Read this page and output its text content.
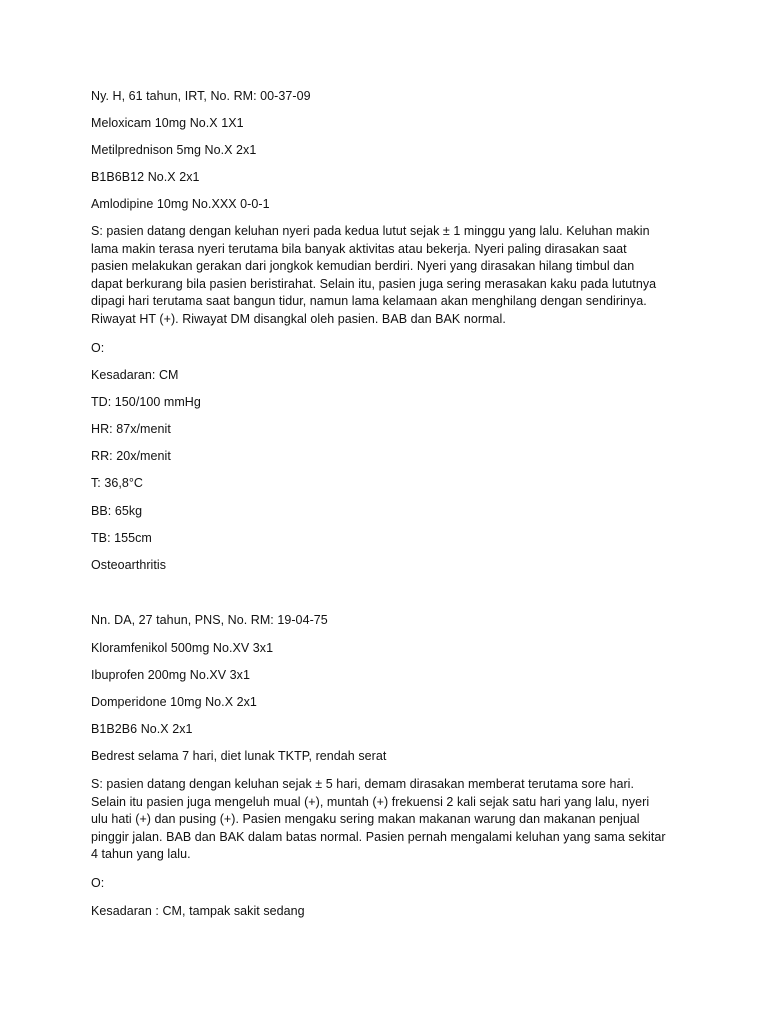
Ny. H, 61 tahun, IRT, No. RM: 00-37-09

Meloxicam 10mg No.X 1X1

Metilprednison 5mg No.X 2x1

B1B6B12 No.X 2x1

Amlodipine 10mg No.XXX 0-0-1

S: pasien datang dengan keluhan nyeri pada kedua lutut sejak ± 1 minggu yang lalu. Keluhan makin
lama makin terasa nyeri terutama bila banyak aktivitas atau bekerja. Nyeri paling dirasakan saat
pasien melakukan gerakan dari jongkok kemudian berdiri. Nyeri yang dirasakan hilang timbul dan
dapat berkurang bila pasien beristirahat. Selain itu, pasien juga sering merasakan kaku pada lututnya
dipagi hari terutama saat bangun tidur, namun lama kelamaan akan menghilang dengan sendirinya.
Riwayat HT (+). Riwayat DM disangkal oleh pasien. BAB dan BAK normal.

O:

Kesadaran: CM

TD: 150/100 mmHg

HR: 87x/menit

RR: 20x/menit

T: 36,8°C

BB: 65kg

TB: 155cm

Osteoarthritis

Nn. DA, 27 tahun, PNS, No. RM: 19-04-75

Kloramfenikol 500mg No.XV 3x1

Ibuprofen 200mg No.XV 3x1

Domperidone 10mg No.X 2x1

B1B2B6 No.X 2x1

Bedrest selama 7 hari, diet lunak TKTP, rendah serat

S: pasien datang dengan keluhan sejak ± 5 hari, demam dirasakan memberat terutama sore hari.
Selain itu pasien juga mengeluh mual (+), muntah (+) frekuensi 2 kali sejak satu hari yang lalu, nyeri
ulu hati (+) dan pusing (+). Pasien mengaku sering makan makanan warung dan makanan penjual
pinggir jalan. BAB dan BAK dalam batas normal. Pasien pernah mengalami keluhan yang sama sekitar
4 tahun yang lalu.

O:

Kesadaran : CM, tampak sakit sedang
